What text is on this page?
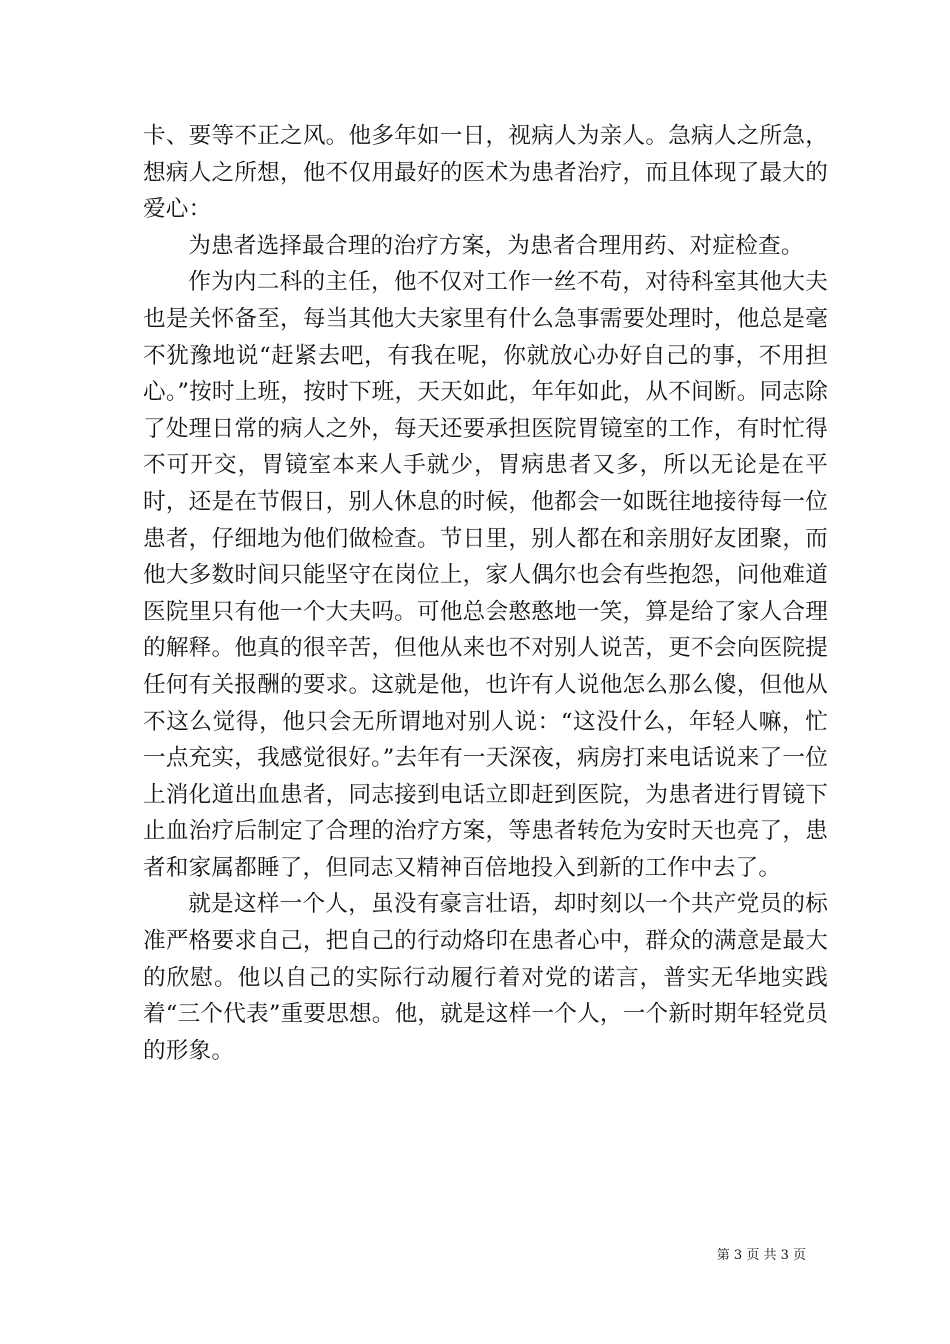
卡、要等不正之风。他多年如一日，视病人为亲人。急病人之所急，想病人之所想，他不仅用最好的医术为患者治疗，而且体现了最大的爱心：

为患者选择最合理的治疗方案，为患者合理用药、对症检查。

作为内二科的主任，他不仅对工作一丝不苟，对待科室其他大夫也是关怀备至，每当其他大夫家里有什么急事需要处理时，他总是毫不犹豫地说“赶紧去吧，有我在呢，你就放心办好自己的事，不用担心。”按时上班，按时下班，天天如此，年年如此，从不间断。同志除了处理日常的病人之外，每天还要承担医院胃镜室的工作，有时忙得不可开交，胃镜室本来人手就少，胃病患者又多，所以无论是在平时，还是在节假日，别人休息的时候，他都会一如既往地接待每一位患者，仔细地为他们做检查。节日里，别人都在和亲朋好友团聚，而他大多数时间只能坚守在岗位上，家人偶尔也会有些抱怨，问他难道医院里只有他一个大夫吗。可他总会憨憨地一笑，算是给了家人合理的解释。他真的很辛苦，但他从来也不对别人说苦，更不会向医院提任何有关报酬的要求。这就是他，也许有人说他怎么那么傻，但他从不这么觉得，他只会无所谓地对别人说：“这没什么，年轻人嘛，忙一点充实，我感觉很好。”去年有一天深夜，病房打来电话说来了一位上消化道出血患者，同志接到电话立即赶到医院，为患者进行胃镜下止血治疗后制定了合理的治疗方案，等患者转危为安时天也亮了，患者和家属都睡了，但同志又精神百倍地投入到新的工作中去了。

就是这样一个人，虽没有豪言壮语，却时刻以一个共产党员的标准严格要求自己，把自己的行动烙印在患者心中，群众的满意是最大的欣慰。他以自己的实际行动履行着对党的诺言，普实无华地实践着“三个代表”重要思想。他，就是这样一个人，一个新时期年轻党员的形象。

第 3 页 共 3 页
